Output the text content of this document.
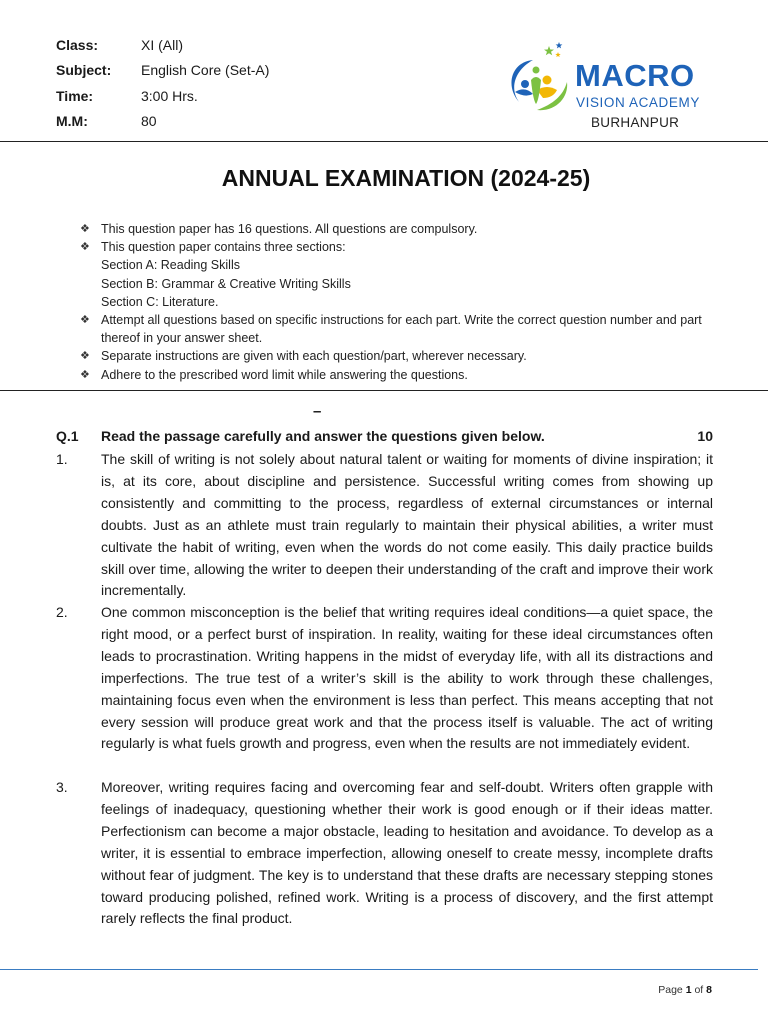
Class:	XI (All)
Subject:	English Core (Set-A)
Time:	3:00 Hrs.
M.M:	80
MACRO
VISION ACADEMY
BURHANPUR
ANNUAL EXAMINATION (2024-25)
❖ This question paper has 16 questions. All questions are compulsory.
❖ This question paper contains three sections:
Section A: Reading Skills
Section B: Grammar & Creative Writing Skills
Section C: Literature.
❖ Attempt all questions based on specific instructions for each part. Write the correct question number and part thereof in your answer sheet.
❖ Separate instructions are given with each question/part, wherever necessary.
❖ Adhere to the prescribed word limit while answering the questions.
–
Q.1 Read the passage carefully and answer the questions given below.	10
1. The skill of writing is not solely about natural talent or waiting for moments of divine inspiration; it is, at its core, about discipline and persistence. Successful writing comes from showing up consistently and committing to the process, regardless of external circumstances or internal doubts. Just as an athlete must train regularly to maintain their physical abilities, a writer must cultivate the habit of writing, even when the words do not come easily. This daily practice builds skill over time, allowing the writer to deepen their understanding of the craft and improve their work incrementally.
2. One common misconception is the belief that writing requires ideal conditions—a quiet space, the right mood, or a perfect burst of inspiration. In reality, waiting for these ideal circumstances often leads to procrastination. Writing happens in the midst of everyday life, with all its distractions and imperfections. The true test of a writer’s skill is the ability to work through these challenges, maintaining focus even when the environment is less than perfect. This means accepting that not every session will produce great work and that the process itself is valuable. The act of writing regularly is what fuels growth and progress, even when the results are not immediately evident.
3. Moreover, writing requires facing and overcoming fear and self-doubt. Writers often grapple with feelings of inadequacy, questioning whether their work is good enough or if their ideas matter. Perfectionism can become a major obstacle, leading to hesitation and avoidance. To develop as a writer, it is essential to embrace imperfection, allowing oneself to create messy, incomplete drafts without fear of judgment. The key is to understand that these drafts are necessary stepping stones toward producing polished, refined work. Writing is a process of discovery, and the first attempt rarely reflects the final product.
Page 1 of 8
